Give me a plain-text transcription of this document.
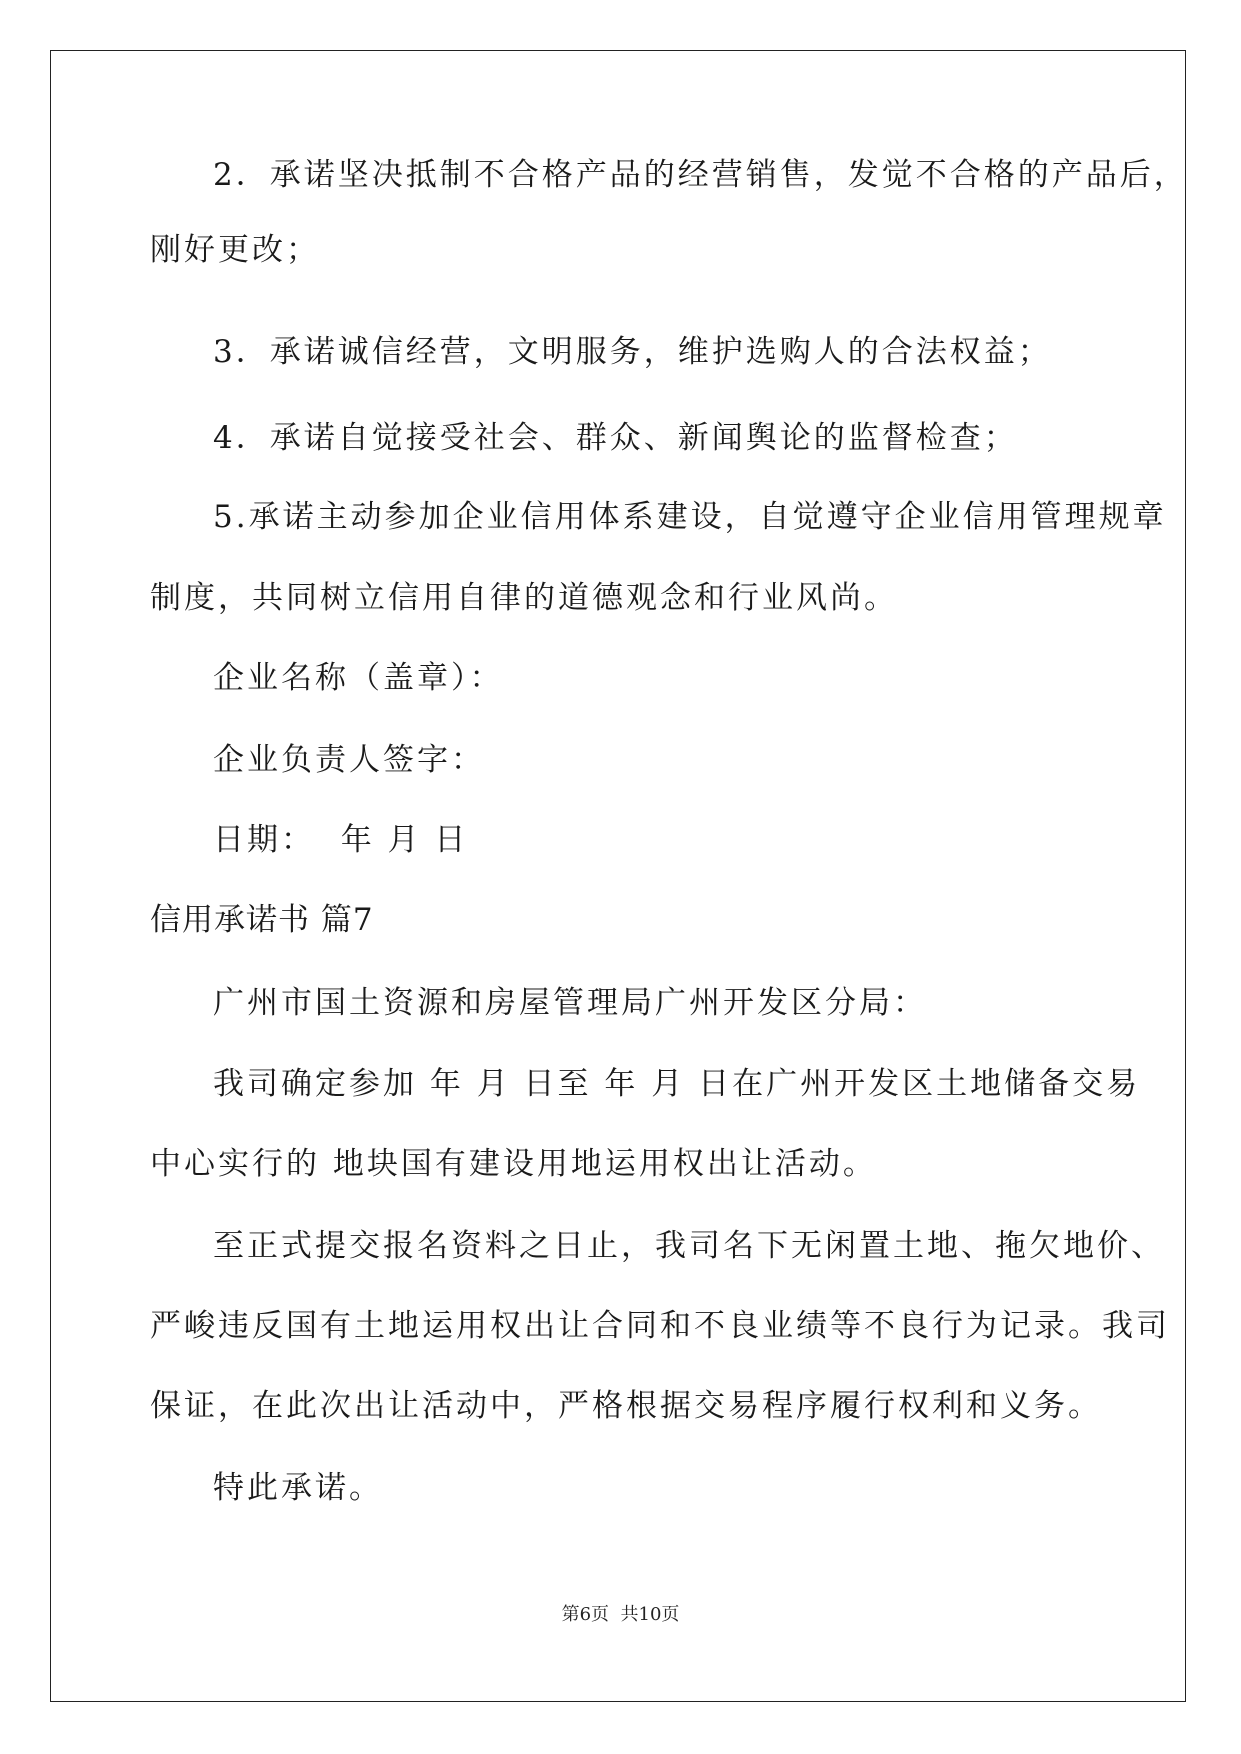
2．承诺坚决抵制不合格产品的经营销售，发觉不合格的产品后，
刚好更改；
3．承诺诚信经营，文明服务，维护选购人的合法权益；
4．承诺自觉接受社会、群众、新闻舆论的监督检查；
5.承诺主动参加企业信用体系建设，自觉遵守企业信用管理规章
制度，共同树立信用自律的道德观念和行业风尚。
企业名称（盖章）：
企业负责人签字：
日期：  年 月 日
信用承诺书 篇7
广州市国土资源和房屋管理局广州开发区分局：
我司确定参加 年 月 日至 年 月 日在广州开发区土地储备交易
中心实行的 地块国有建设用地运用权出让活动。
至正式提交报名资料之日止，我司名下无闲置土地、拖欠地价、
严峻违反国有土地运用权出让合同和不良业绩等不良行为记录。我司
保证，在此次出让活动中，严格根据交易程序履行权利和义务。
特此承诺。
第6页  共10页
